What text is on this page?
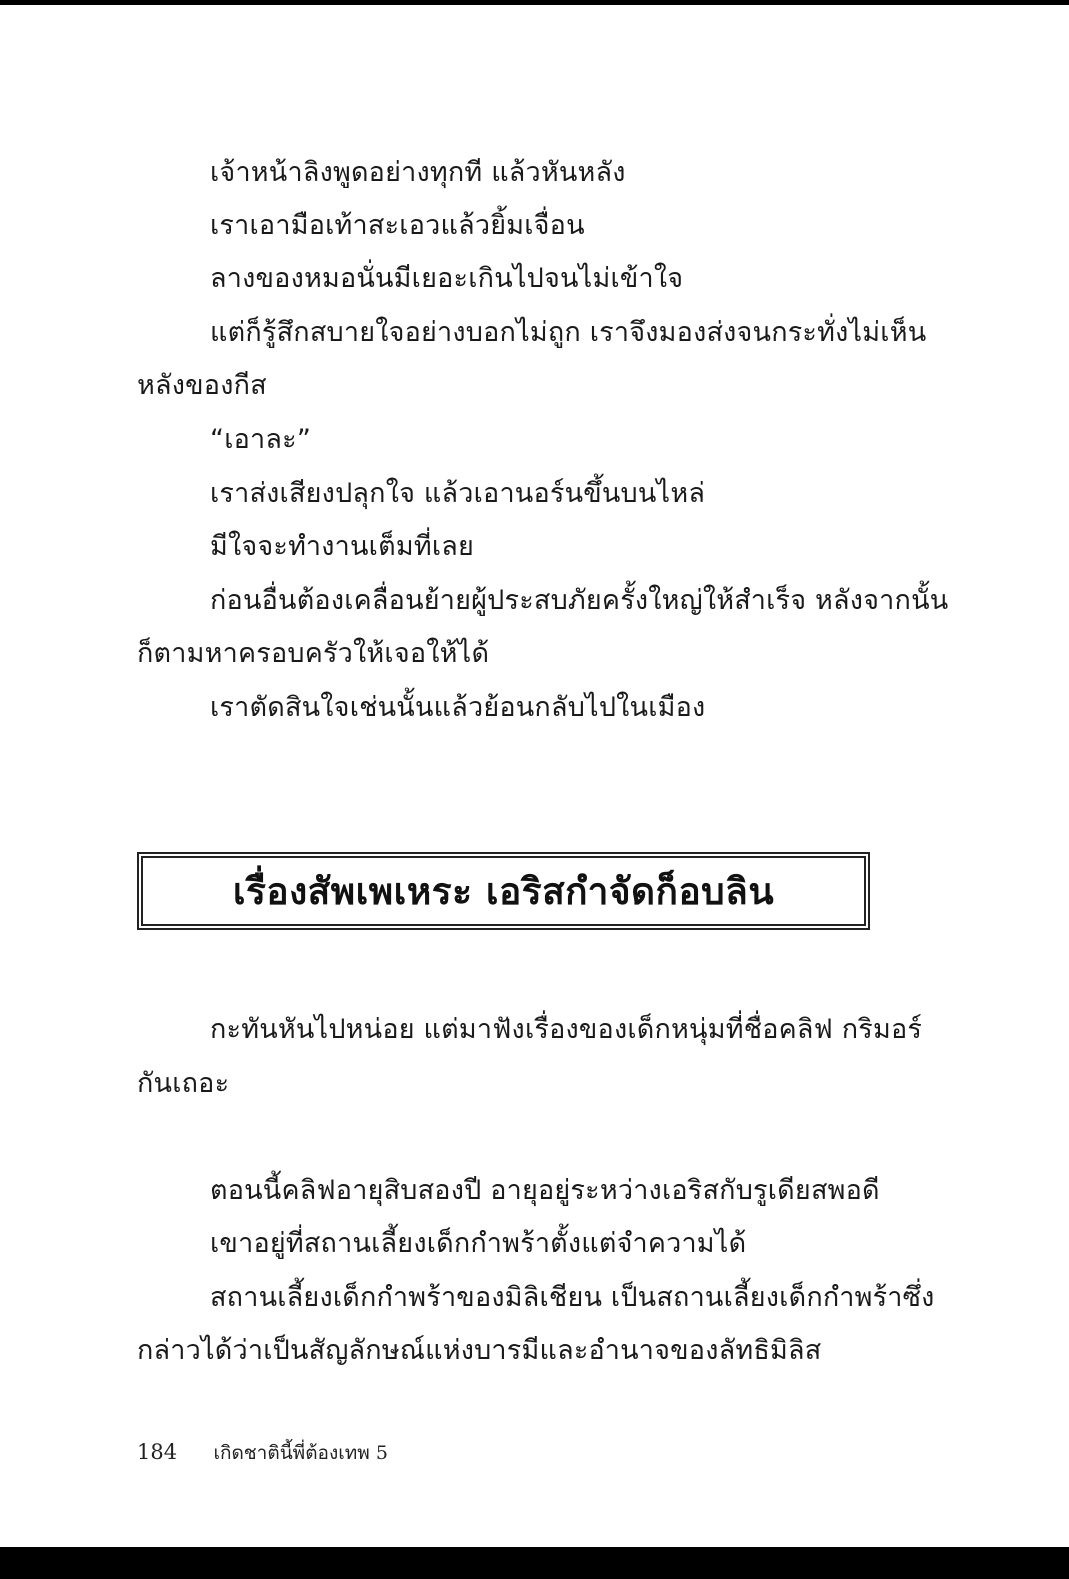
เจ้าหน้าลิงพูดอย่างทุกที แล้วหันหลัง

เราเอามือเท้าสะเอวแล้วยิ้มเจื่อน

ลางของหมอนั่นมีเยอะเกินไปจนไม่เข้าใจ

แต่ก็รู้สึกสบายใจอย่างบอกไม่ถูก เราจึงมองส่งจนกระทั่งไม่เห็น

หลังของกีส

“เอาละ”

เราส่งเสียงปลุกใจ แล้วเอานอร์นขึ้นบนไหล่

มีใจจะทำงานเต็มที่เลย

ก่อนอื่นต้องเคลื่อนย้ายผู้ประสบภัยครั้งใหญ่ให้สำเร็จ หลังจากนั้น

ก็ตามหาครอบครัวให้เจอให้ได้

เราตัดสินใจเช่นนั้นแล้วย้อนกลับไปในเมือง

เรื่องสัพเพเหระ เอริสกำจัดก็อบลิน

กะทันหันไปหน่อย แต่มาฟังเรื่องของเด็กหนุ่มที่ชื่อคลิฟ กริมอร์

กันเถอะ

ตอนนี้คลิฟอายุสิบสองปี อายุอยู่ระหว่างเอริสกับรูเดียสพอดี

เขาอยู่ที่สถานเลี้ยงเด็กกำพร้าตั้งแต่จำความได้

สถานเลี้ยงเด็กกำพร้าของมิลิเชียน เป็นสถานเลี้ยงเด็กกำพร้าซึ่ง

กล่าวได้ว่าเป็นสัญลักษณ์แห่งบารมีและอำนาจของลัทธิมิลิส

184 เกิดชาตินี้พี่ต้องเทพ 5
